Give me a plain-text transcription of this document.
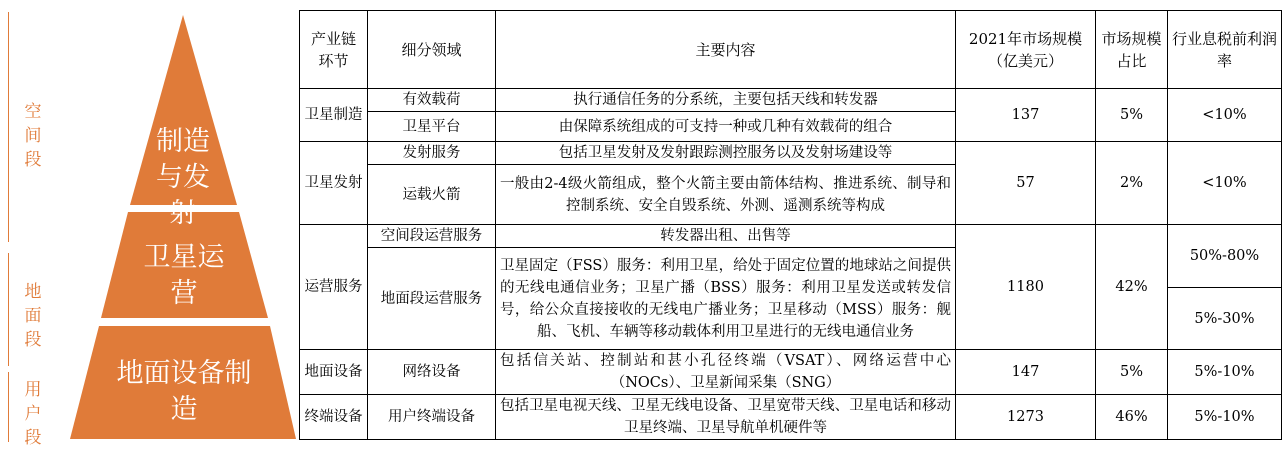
空间段
地面段
用户段
制造与发射
卫星运营
地面设备制造
产业链环节	细分领域	主要内容	2021年市场规模（亿美元）	市场规模占比	行业息税前利润率
卫星制造	有效载荷	执行通信任务的分系统，主要包括天线和转发器	137	5%	<10%
	卫星平台	由保障系统组成的可支持一种或几种有效载荷的组合			
卫星发射	发射服务	包括卫星发射及发射跟踪测控服务以及发射场建设等	57	2%	<10%
	运载火箭	一般由2-4级火箭组成，整个火箭主要由箭体结构、推进系统、制导和控制系统、安全自毁系统、外测、遥测系统等构成			
运营服务	空间段运营服务	转发器出租、出售等	1180	42%	50%-80%
	地面段运营服务	卫星固定（FSS）服务：利用卫星，给处于固定位置的地球站之间提供的无线电通信业务；卫星广播（BSS）服务：利用卫星发送或转发信号，给公众直接接收的无线电广播业务；卫星移动（MSS）服务：舰船、飞机、车辆等移动载体利用卫星进行的无线电通信业务			
					5%-30%
地面设备	网络设备	包括信关站、控制站和甚小孔径终端（VSAT）、网络运营中心（NOCs）、卫星新闻采集（SNG）	147	5%	5%-10%
终端设备	用户终端设备	包括卫星电视天线、卫星无线电设备、卫星宽带天线、卫星电话和移动卫星终端、卫星导航单机硬件等	1273	46%	5%-10%
